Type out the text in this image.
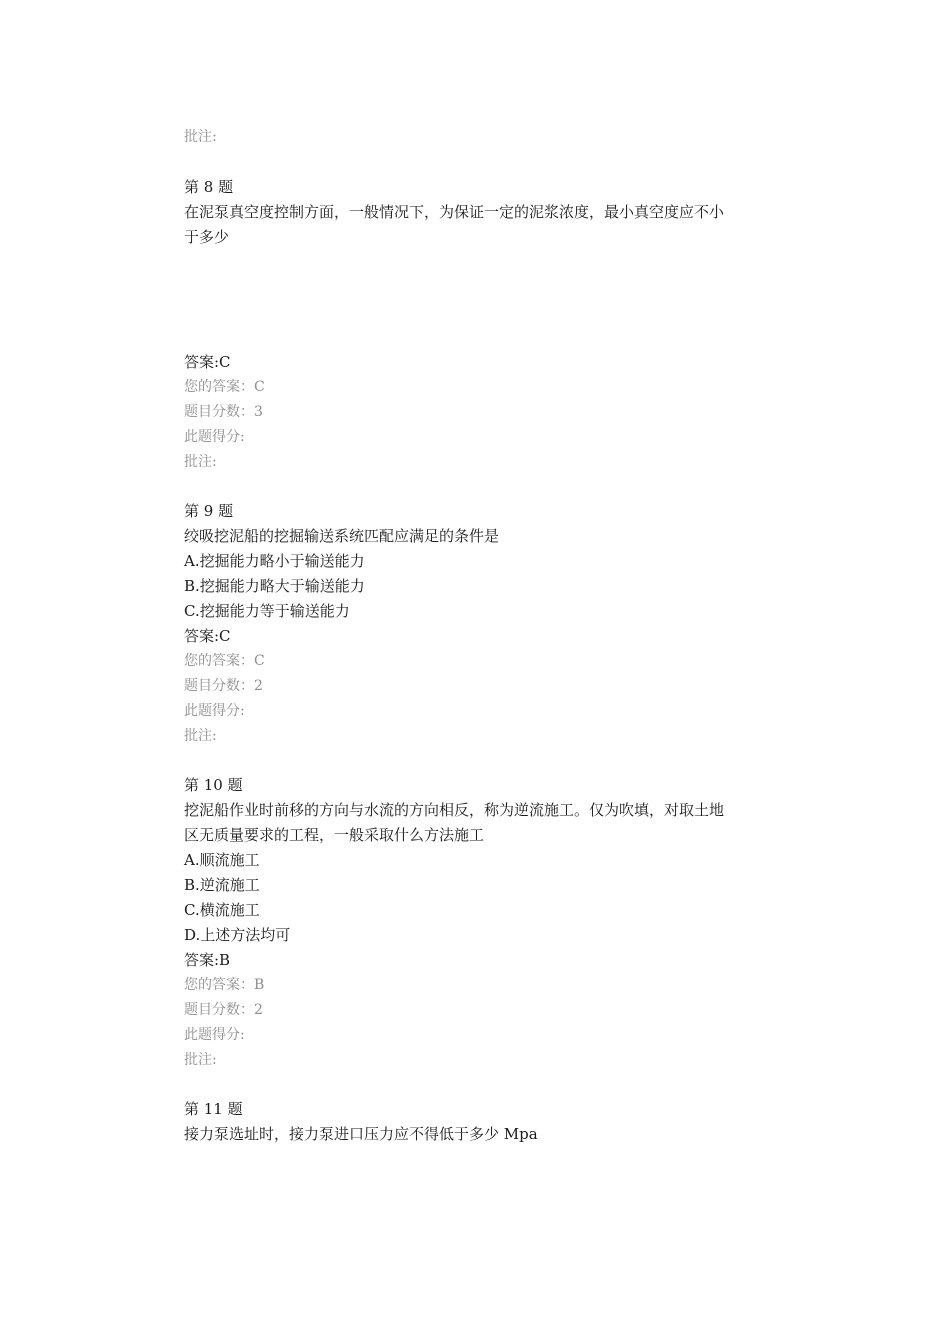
批注:
第 8 题
在泥泵真空度控制方面，一般情况下，为保证一定的泥浆浓度，最小真空度应不小
于多少
答案:C
您的答案：C
题目分数：3
此题得分:
批注:
第 9 题
绞吸挖泥船的挖掘输送系统匹配应满足的条件是
A.挖掘能力略小于输送能力
B.挖掘能力略大于输送能力
C.挖掘能力等于输送能力
答案:C
您的答案：C
题目分数：2
此题得分:
批注:
第 10 题
挖泥船作业时前移的方向与水流的方向相反，称为逆流施工。仅为吹填，对取土地
区无质量要求的工程，一般采取什么方法施工
A.顺流施工
B.逆流施工
C.横流施工
D.上述方法均可
答案:B
您的答案：B
题目分数：2
此题得分:
批注:
第 11 题
接力泵选址时，接力泵进口压力应不得低于多少 Mpa
